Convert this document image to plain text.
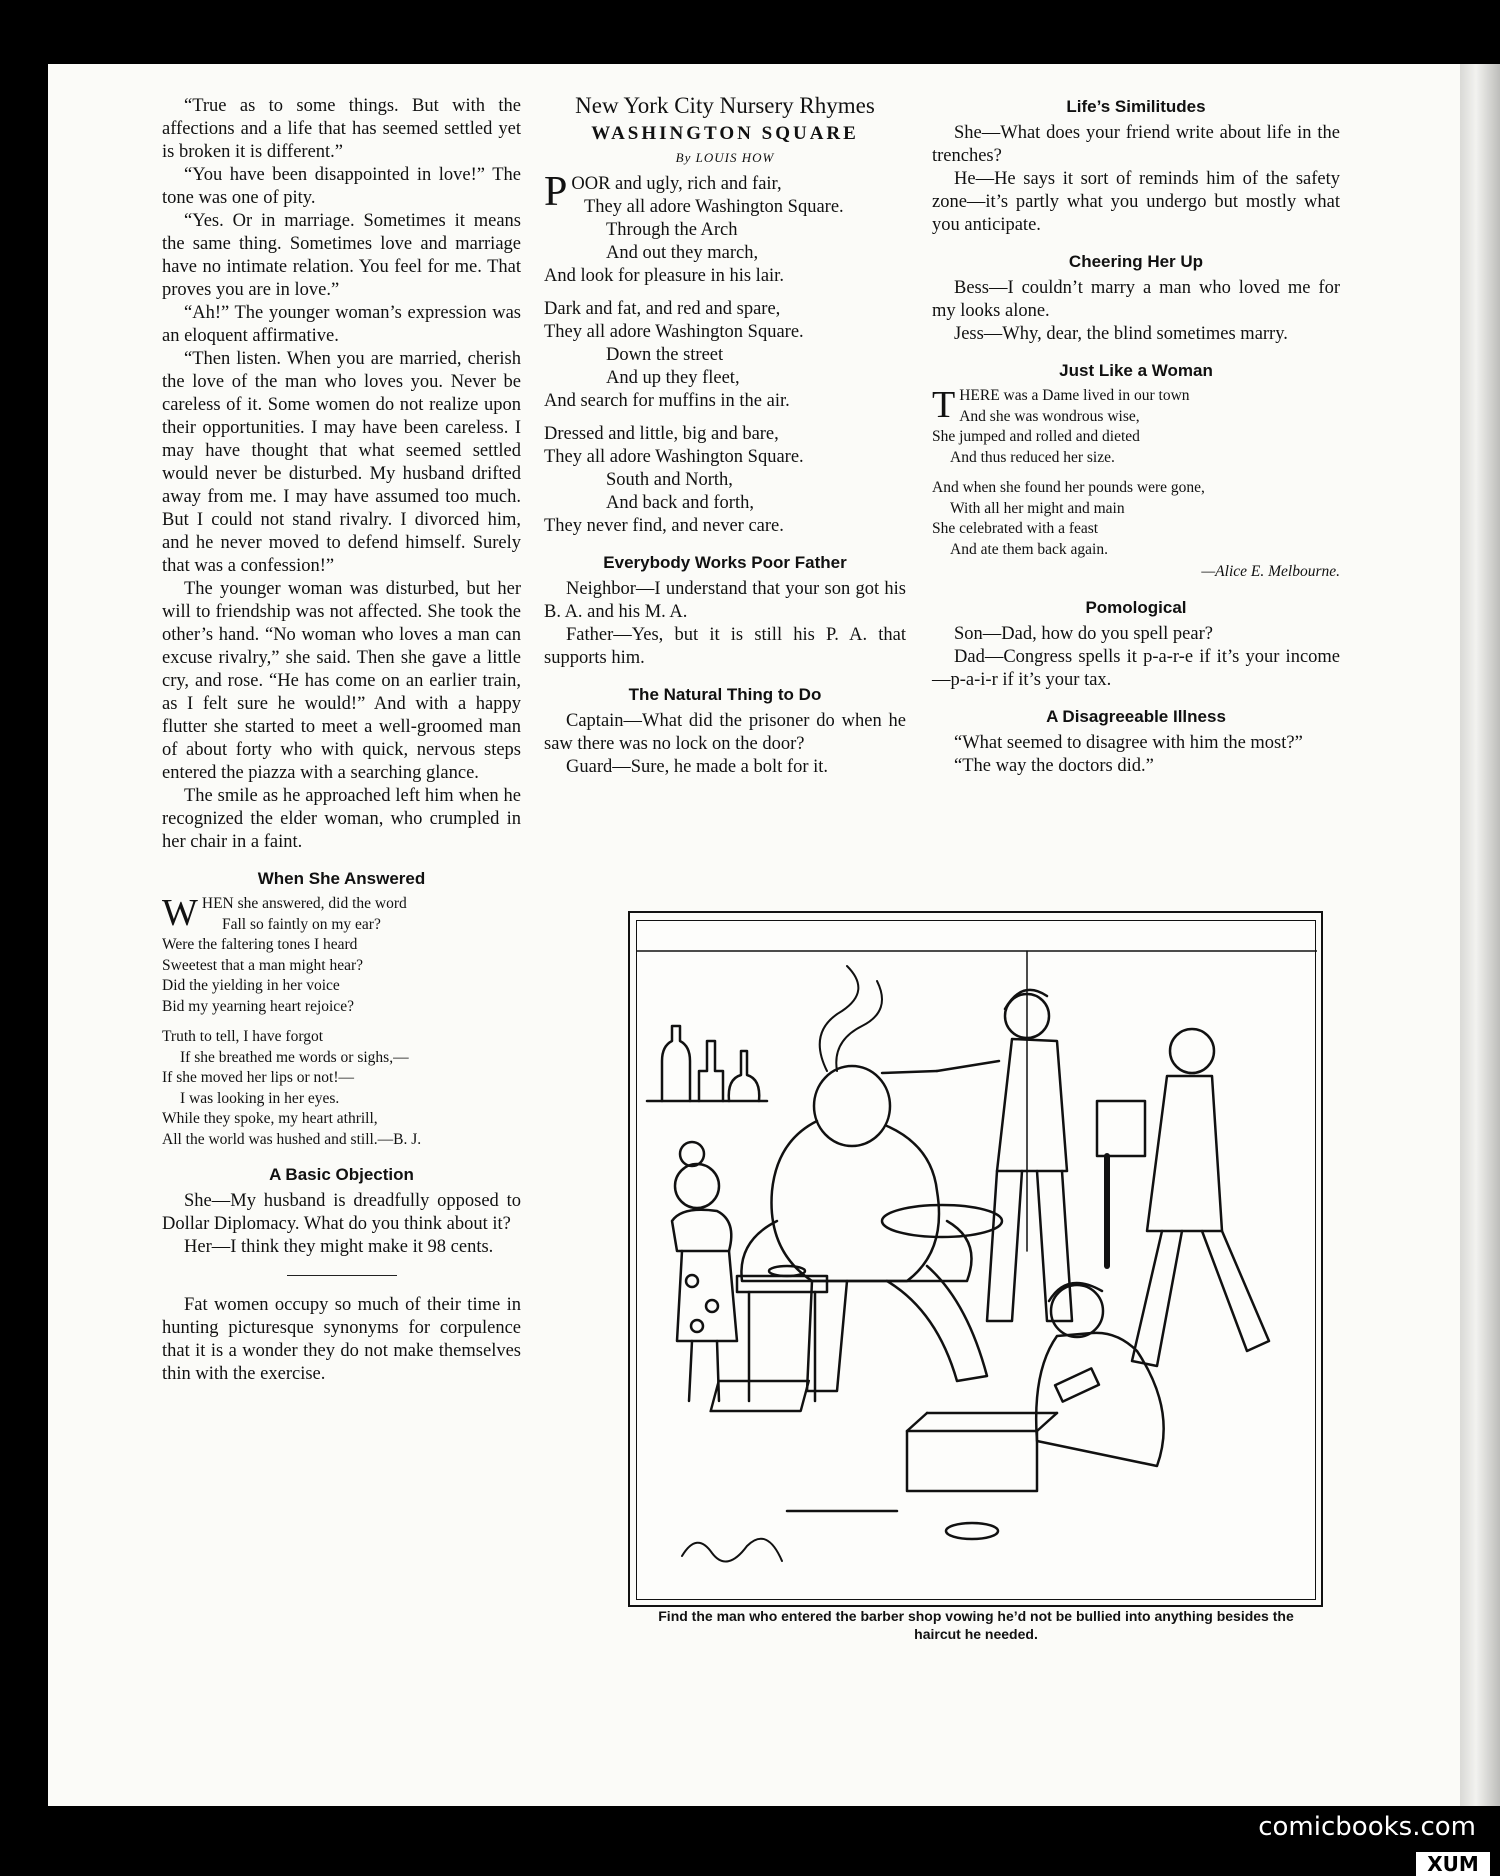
“True as to some things. But with the affections and a life that has seemed settled yet is broken it is different.”

“You have been disappointed in love!” The tone was one of pity.

“Yes. Or in marriage. Sometimes it means the same thing. Sometimes love and marriage have no intimate relation. You feel for me. That proves you are in love.”

“Ah!” The younger woman’s expression was an eloquent affirmative.

“Then listen. When you are married, cherish the love of the man who loves you. Never be careless of it. Some women do not realize upon their opportunities. I may have been careless. I may have thought that what seemed settled would never be disturbed. My husband drifted away from me. I may have assumed too much. But I could not stand rivalry. I divorced him, and he never moved to defend himself. Surely that was a confession!”

The younger woman was disturbed, but her will to friendship was not affected. She took the other’s hand. “No woman who loves a man can excuse rivalry,” she said. Then she gave a little cry, and rose. “He has come on an earlier train, as I felt sure he would!” And with a happy flutter she started to meet a well-groomed man of about forty who with quick, nervous steps entered the piazza with a searching glance.

The smile as he approached left him when he recognized the elder woman, who crumpled in her chair in a faint.

When She Answered
W HEN she answered, did the word
Fall so faintly on my ear?
Were the faltering tones I heard
Sweetest that a man might hear?
Did the yielding in her voice
Bid my yearning heart rejoice?
Truth to tell, I have forgot
If she breathed me words or sighs,—
If she moved her lips or not!—
I was looking in her eyes.
While they spoke, my heart athrill,
All the world was hushed and still.—B. J.
A Basic Objection

She—My husband is dreadfully opposed to Dollar Diplomacy. What do you think about it?

Her—I think they might make it 98 cents.

Fat women occupy so much of their time in hunting picturesque synonyms for corpulence that it is a wonder they do not make themselves thin with the exercise.

New York City Nursery Rhymes
WASHINGTON SQUARE
By LOUIS HOW
P OOR and ugly, rich and fair,
They all adore Washington Square.
Through the Arch
And out they march,
And look for pleasure in his lair.
Dark and fat, and red and spare,
They all adore Washington Square.
Down the street
And up they fleet,
And search for muffins in the air.
Dressed and little, big and bare,
They all adore Washington Square.
South and North,
And back and forth,
They never find, and never care.
Everybody Works Poor Father

Neighbor—I understand that your son got his B. A. and his M. A.

Father—Yes, but it is still his P. A. that supports him.

The Natural Thing to Do

Captain—What did the prisoner do when he saw there was no lock on the door?

Guard—Sure, he made a bolt for it.

Life’s Similitudes

She—What does your friend write about life in the trenches?

He—He says it sort of reminds him of the safety zone—it’s partly what you undergo but mostly what you anticipate.

Cheering Her Up

Bess—I couldn’t marry a man who loved me for my looks alone.

Jess—Why, dear, the blind sometimes marry.

Just Like a Woman
T HERE was a Dame lived in our town
And she was wondrous wise,
She jumped and rolled and dieted
And thus reduced her size.
And when she found her pounds were gone,
With all her might and main
She celebrated with a feast
And ate them back again.
—Alice E. Melbourne.
Pomological

Son—Dad, how do you spell pear?

Dad—Congress spells it p-a-r-e if it’s your income—p-a-i-r if it’s your tax.

A Disagreeable Illness

“What seemed to disagree with him the most?”

“The way the doctors did.”

Find the man who entered the barber shop vowing he’d not be bullied into anything besides the haircut he needed.
comicbooks.com
XUM
